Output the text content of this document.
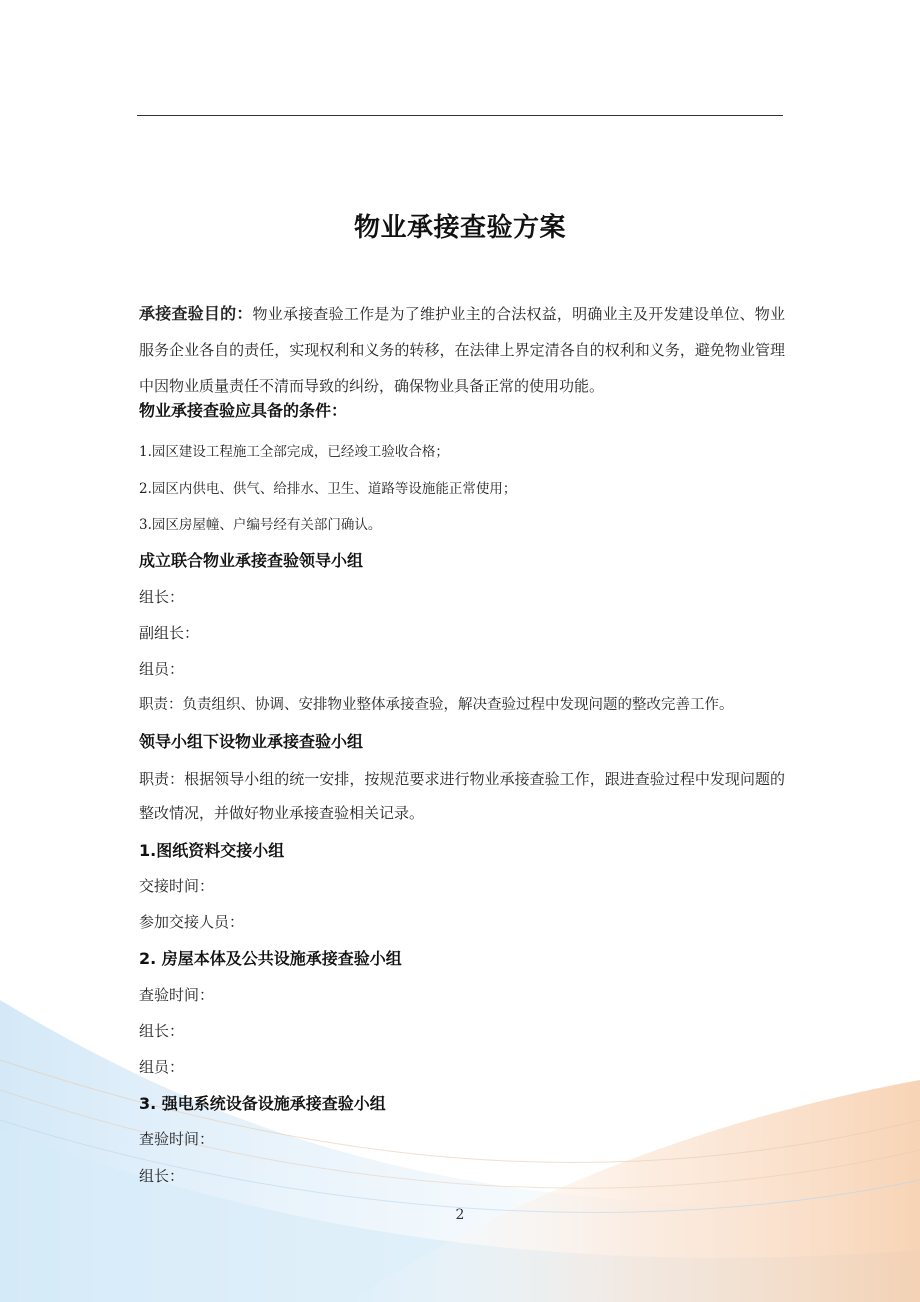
物业承接查验方案
承接查验目的：物业承接查验工作是为了维护业主的合法权益，明确业主及开发建设单位、物业服务企业各自的责任，实现权利和义务的转移，在法律上界定清各自的权利和义务，避免物业管理中因物业质量责任不清而导致的纠纷，确保物业具备正常的使用功能。
物业承接查验应具备的条件：
1.园区建设工程施工全部完成，已经竣工验收合格；
2.园区内供电、供气、给排水、卫生、道路等设施能正常使用；
3.园区房屋幢、户编号经有关部门确认。
成立联合物业承接查验领导小组
组长：
副组长：
组员：
职责：负责组织、协调、安排物业整体承接查验，解决查验过程中发现问题的整改完善工作。
领导小组下设物业承接查验小组
职责：根据领导小组的统一安排，按规范要求进行物业承接查验工作，跟进查验过程中发现问题的整改情况，并做好物业承接查验相关记录。
1.图纸资料交接小组
交接时间：
参加交接人员：
2. 房屋本体及公共设施承接查验小组
查验时间：
组长：
组员：
3. 强电系统设备设施承接查验小组
查验时间：
组长：
2
